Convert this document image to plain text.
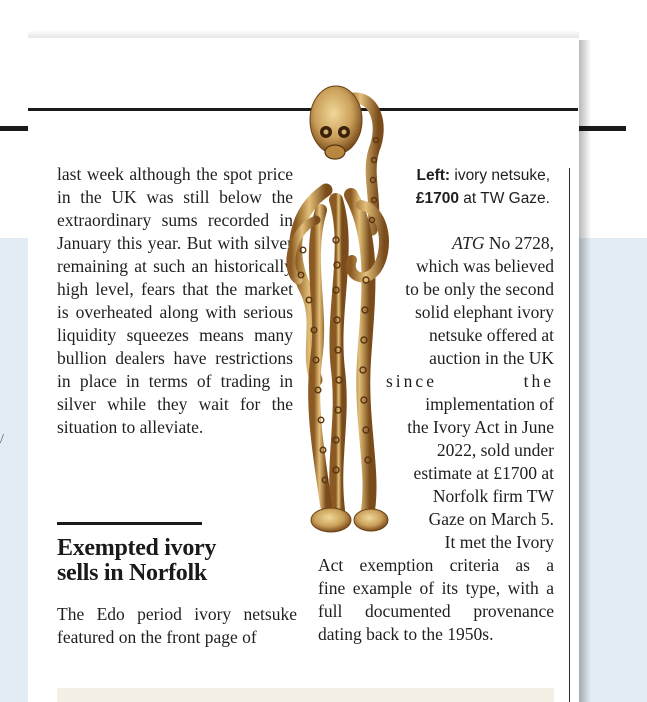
/

last week although the spot price in the UK was still below the extraordinary sums recorded in January this year. But with silver remaining at such an historically high level, fears that the market is overheated along with serious liquidity squeezes means many bullion dealers have restrictions in place in terms of trading in silver while they wait for the situation to alleviate.

Exempted ivory
sells in Norfolk
The Edo period ivory netsuke featured on the front page of
Left: ivory netsuke,
£1700 at TW Gaze.
ATG No 2728,
which was believed
to be only the second
solid elephant ivory
netsuke offered at
auction in the UK
since	the
implementation of
the Ivory Act in June
2022, sold under
estimate at £1700 at
Norfolk firm TW
Gaze on March 5.
It met the Ivory
Act exemption criteria as a
fine example of its type, with a
full documented provenance
dating back to the 1950s.
